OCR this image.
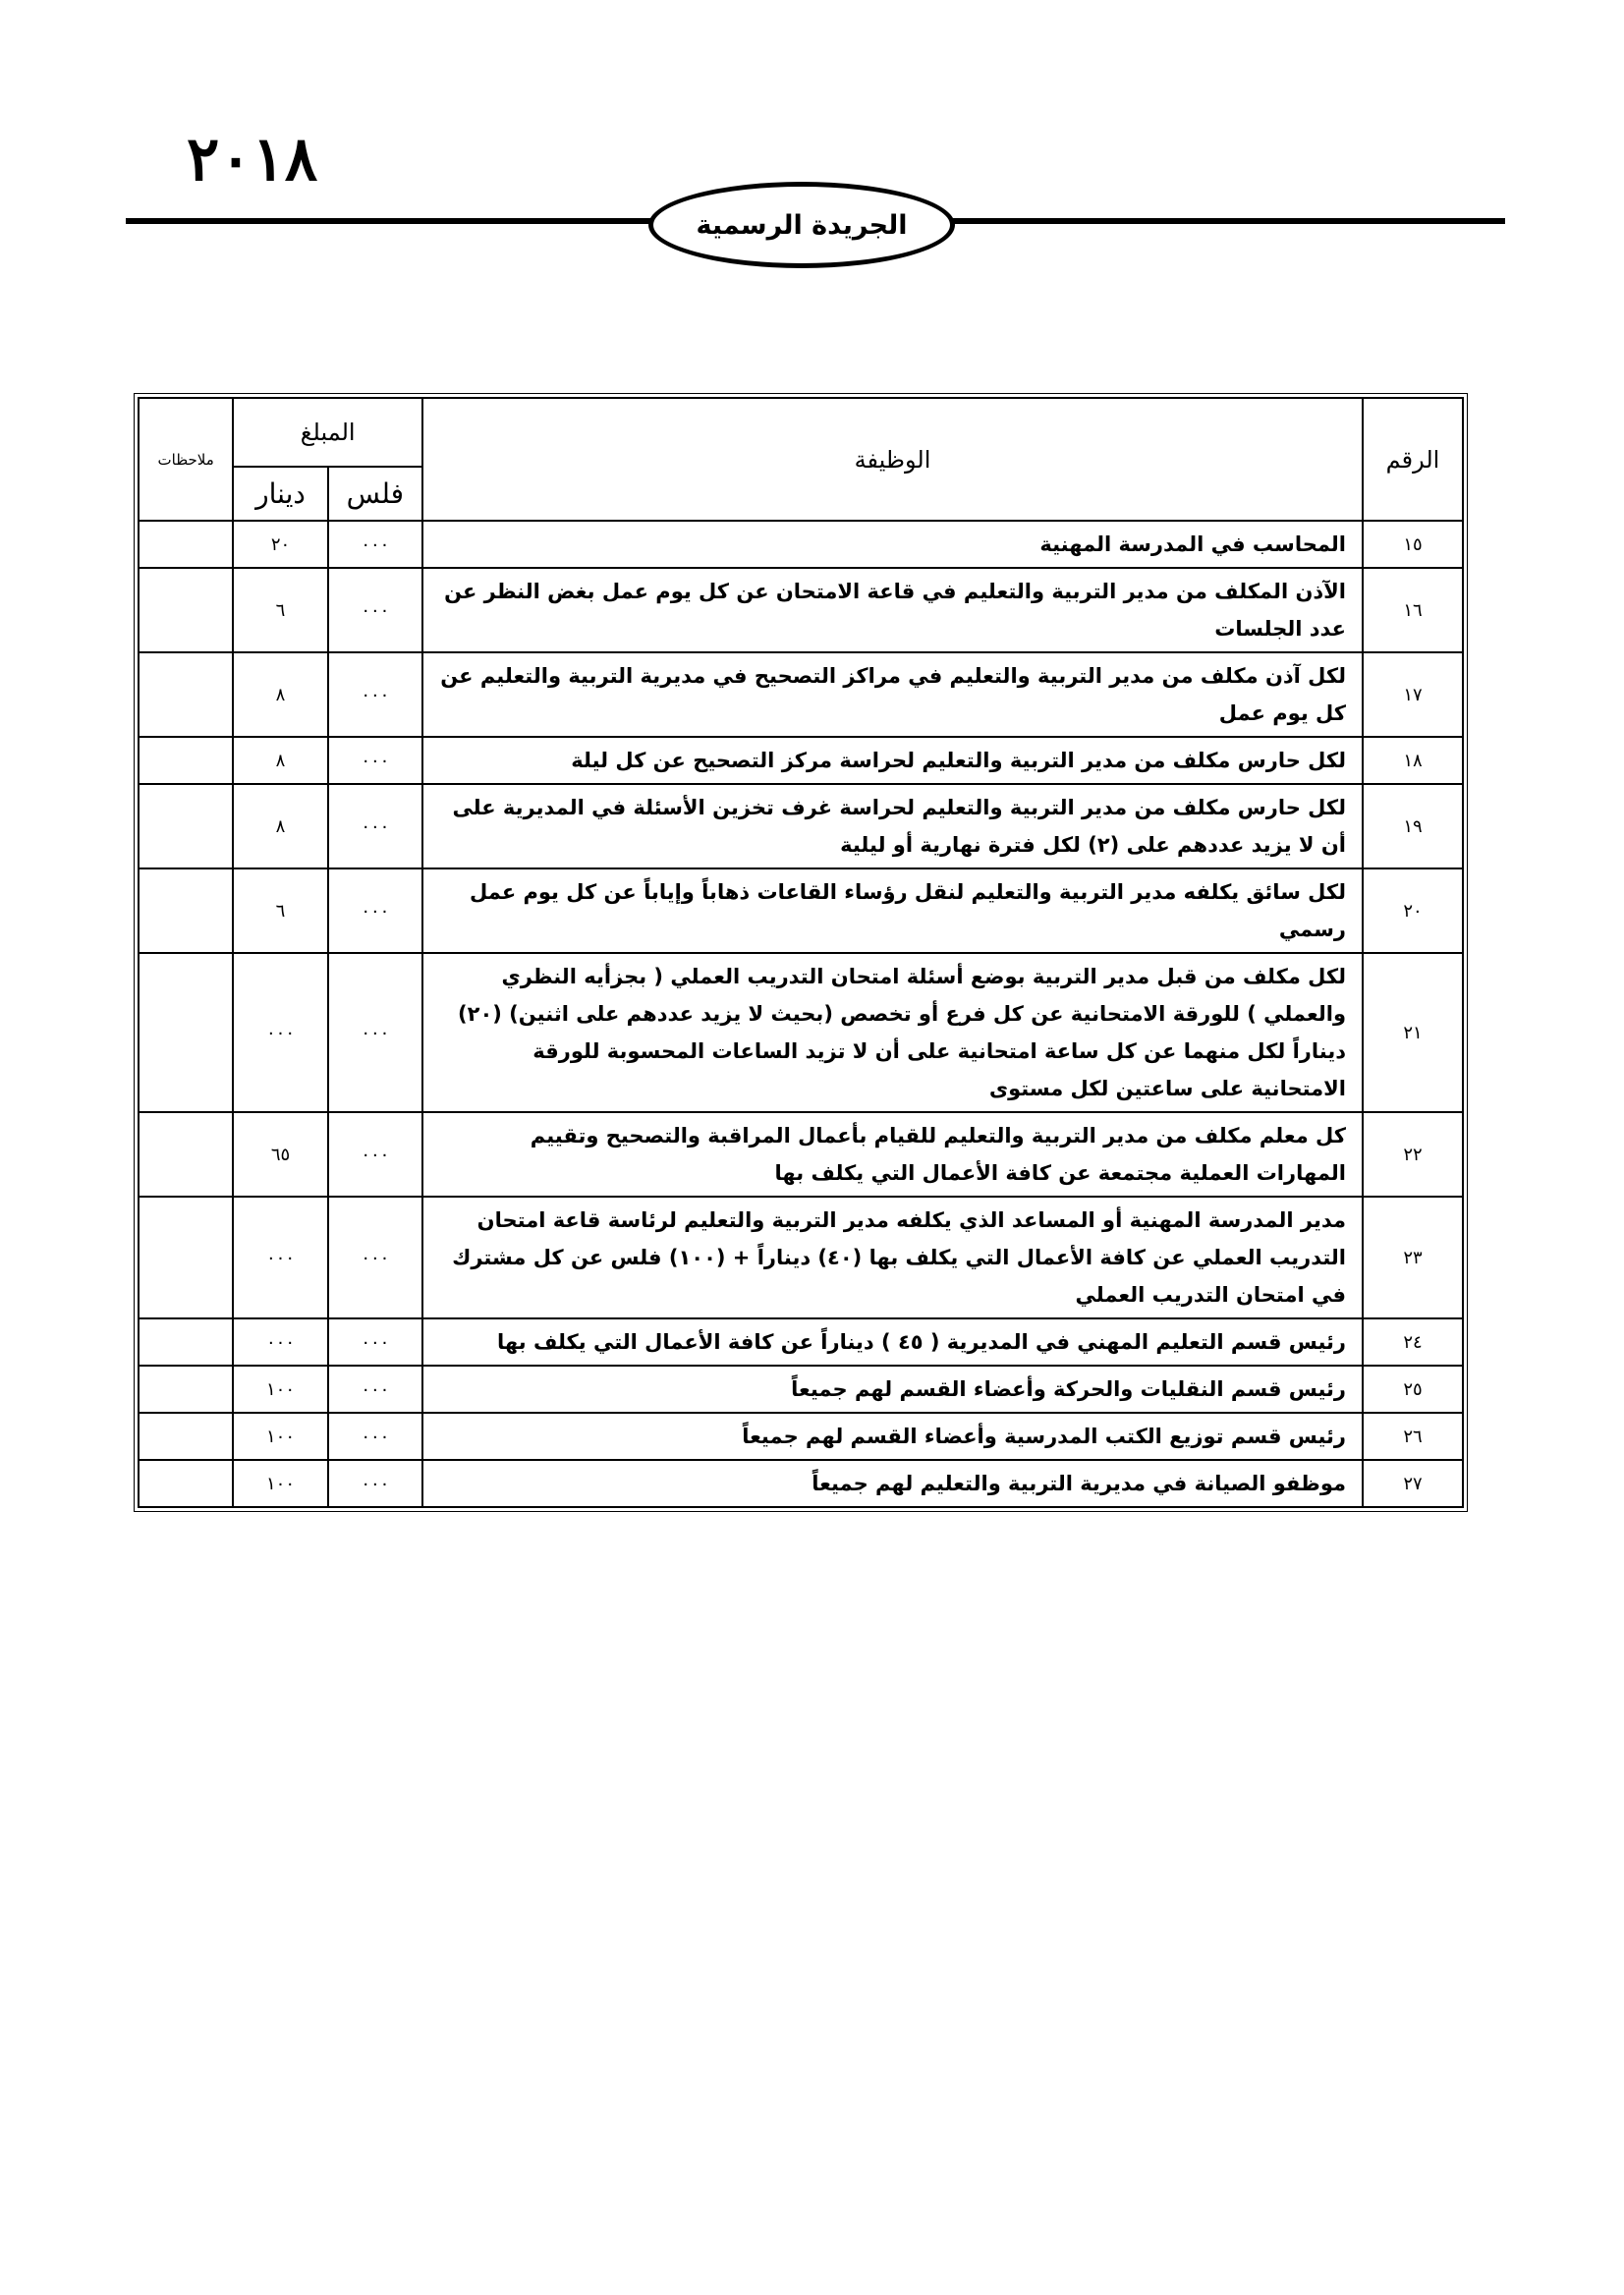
٢٠١٨
الجريدة الرسمية
الرقم	الوظيفة	المبلغ		ملاحظات
		فلس	دينار	
١٥	المحاسب في المدرسة المهنية	٠٠٠	٢٠	
١٦	الآذن المكلف من مدير التربية والتعليم في قاعة الامتحان عن كل يوم عمل بغض النظر عن عدد الجلسات	٠٠٠	٦	
١٧	لكل آذن مكلف من مدير التربية والتعليم في مراكز التصحيح في مديرية التربية والتعليم عن كل يوم عمل	٠٠٠	٨	
١٨	لكل حارس مكلف من مدير التربية والتعليم لحراسة مركز التصحيح عن كل ليلة	٠٠٠	٨	
١٩	لكل حارس مكلف من مدير التربية والتعليم لحراسة غرف تخزين الأسئلة في المديرية على أن لا يزيد عددهم على (٢) لكل فترة نهارية أو ليلية	٠٠٠	٨	
٢٠	لكل سائق يكلفه مدير التربية والتعليم لنقل رؤساء القاعات ذهاباً وإياباً عن كل يوم عمل رسمي	٠٠٠	٦	
٢١	لكل مكلف من قبل مدير التربية بوضع أسئلة امتحان التدريب العملي ( بجزأيه النظري والعملي ) للورقة الامتحانية عن كل فرع أو تخصص (بحيث لا يزيد عددهم على اثنين) (٢٠) ديناراً لكل منهما عن كل ساعة امتحانية على أن لا تزيد الساعات المحسوبة للورقة الامتحانية على ساعتين لكل مستوى	٠٠٠	٠٠٠	
٢٢	كل معلم مكلف من مدير التربية والتعليم للقيام بأعمال المراقبة والتصحيح وتقييم المهارات العملية مجتمعة عن كافة الأعمال التي يكلف بها	٠٠٠	٦٥	
٢٣	مدير المدرسة المهنية أو المساعد الذي يكلفه مدير التربية والتعليم لرئاسة قاعة امتحان التدريب العملي عن كافة الأعمال التي يكلف بها (٤٠) ديناراً + (١٠٠) فلس عن كل مشترك في امتحان التدريب العملي	٠٠٠	٠٠٠	
٢٤	رئيس قسم التعليم المهني في المديرية ( ٤٥ ) ديناراً عن كافة الأعمال التي يكلف بها	٠٠٠	٠٠٠	
٢٥	رئيس قسم النقليات والحركة وأعضاء القسم لهم جميعاً	٠٠٠	١٠٠	
٢٦	رئيس قسم توزيع الكتب المدرسية وأعضاء القسم لهم جميعاً	٠٠٠	١٠٠	
٢٧	موظفو الصيانة في مديرية التربية والتعليم لهم جميعاً	٠٠٠	١٠٠	
